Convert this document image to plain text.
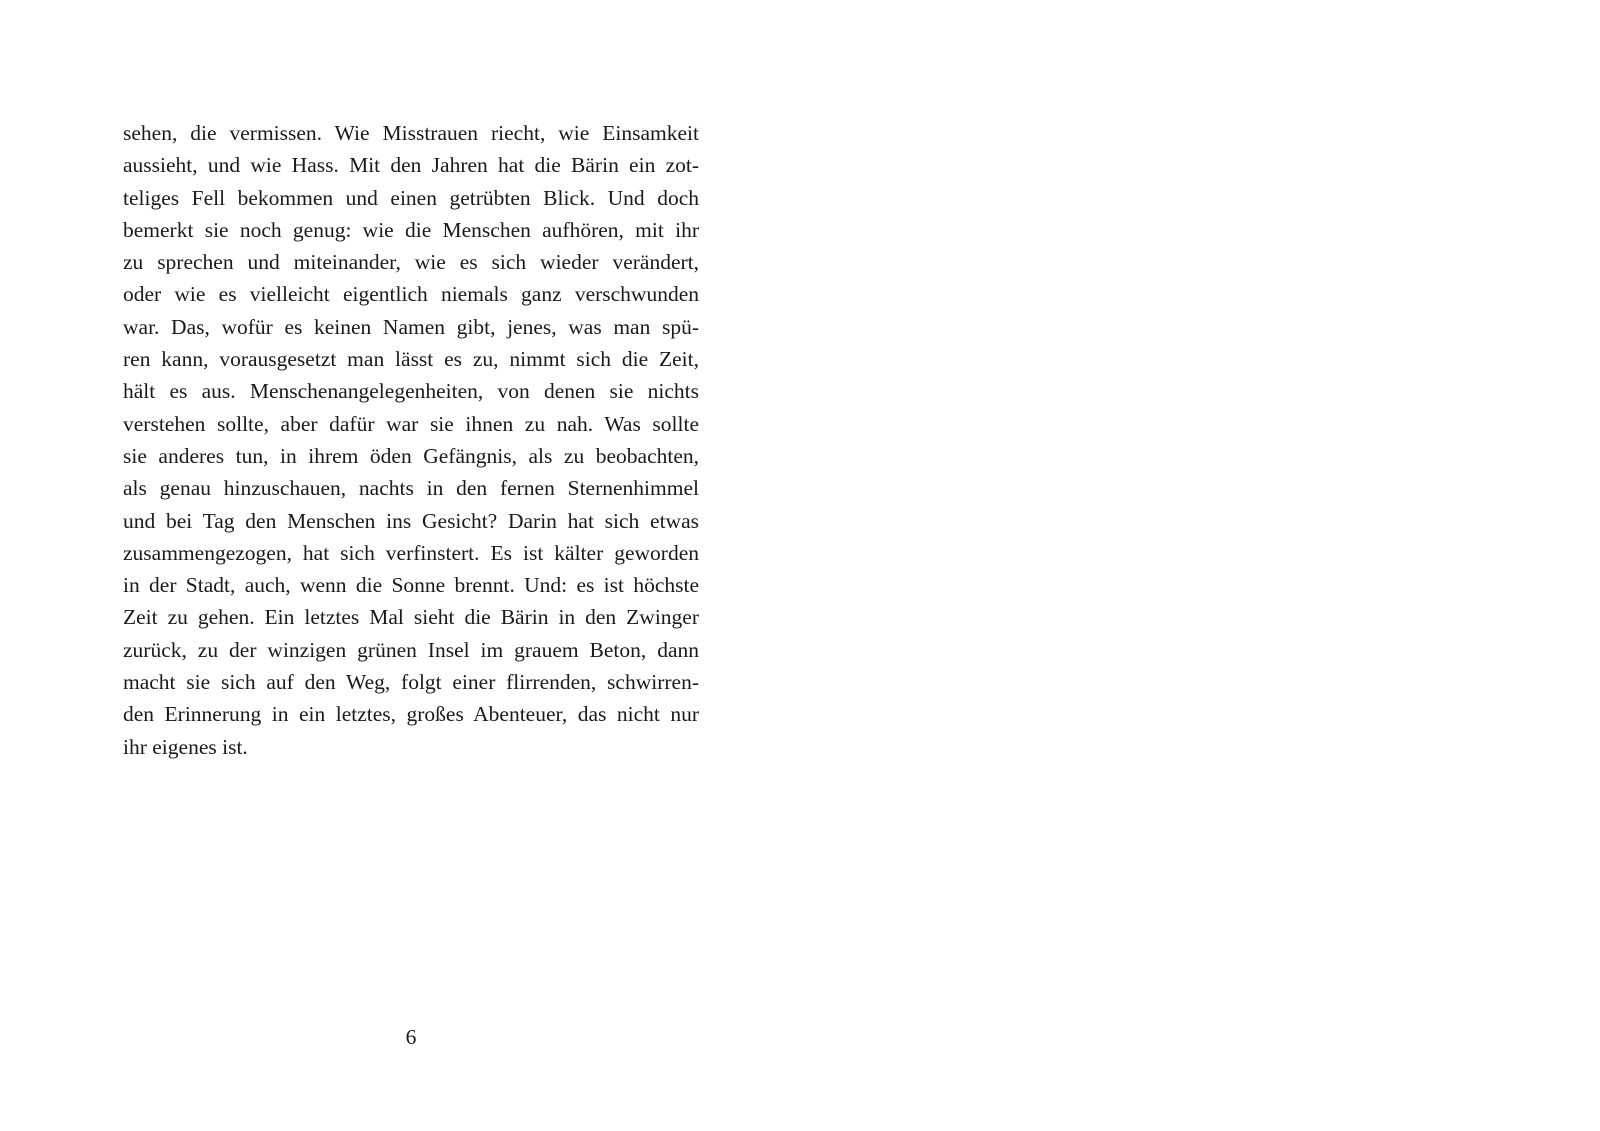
sehen, die vermissen. Wie Misstrauen riecht, wie Einsamkeit
aussieht, und wie Hass. Mit den Jahren hat die Bärin ein zot-
teliges Fell bekommen und einen getrübten Blick. Und doch
bemerkt sie noch genug: wie die Menschen aufhören, mit ihr
zu sprechen und miteinander, wie es sich wieder verändert,
oder wie es vielleicht eigentlich niemals ganz verschwunden
war. Das, wofür es keinen Namen gibt, jenes, was man spü-
ren kann, vorausgesetzt man lässt es zu, nimmt sich die Zeit,
hält es aus. Menschenangelegenheiten, von denen sie nichts
verstehen sollte, aber dafür war sie ihnen zu nah. Was sollte
sie anderes tun, in ihrem öden Gefängnis, als zu beobachten,
als genau hinzuschauen, nachts in den fernen Sternenhimmel
und bei Tag den Menschen ins Gesicht? Darin hat sich etwas
zusammengezogen, hat sich verfinstert. Es ist kälter geworden
in der Stadt, auch, wenn die Sonne brennt. Und: es ist höchste
Zeit zu gehen. Ein letztes Mal sieht die Bärin in den Zwinger
zurück, zu der winzigen grünen Insel im grauem Beton, dann
macht sie sich auf den Weg, folgt einer flirrenden, schwirren-
den Erinnerung in ein letztes, großes Abenteuer, das nicht nur
ihr eigenes ist.
6
